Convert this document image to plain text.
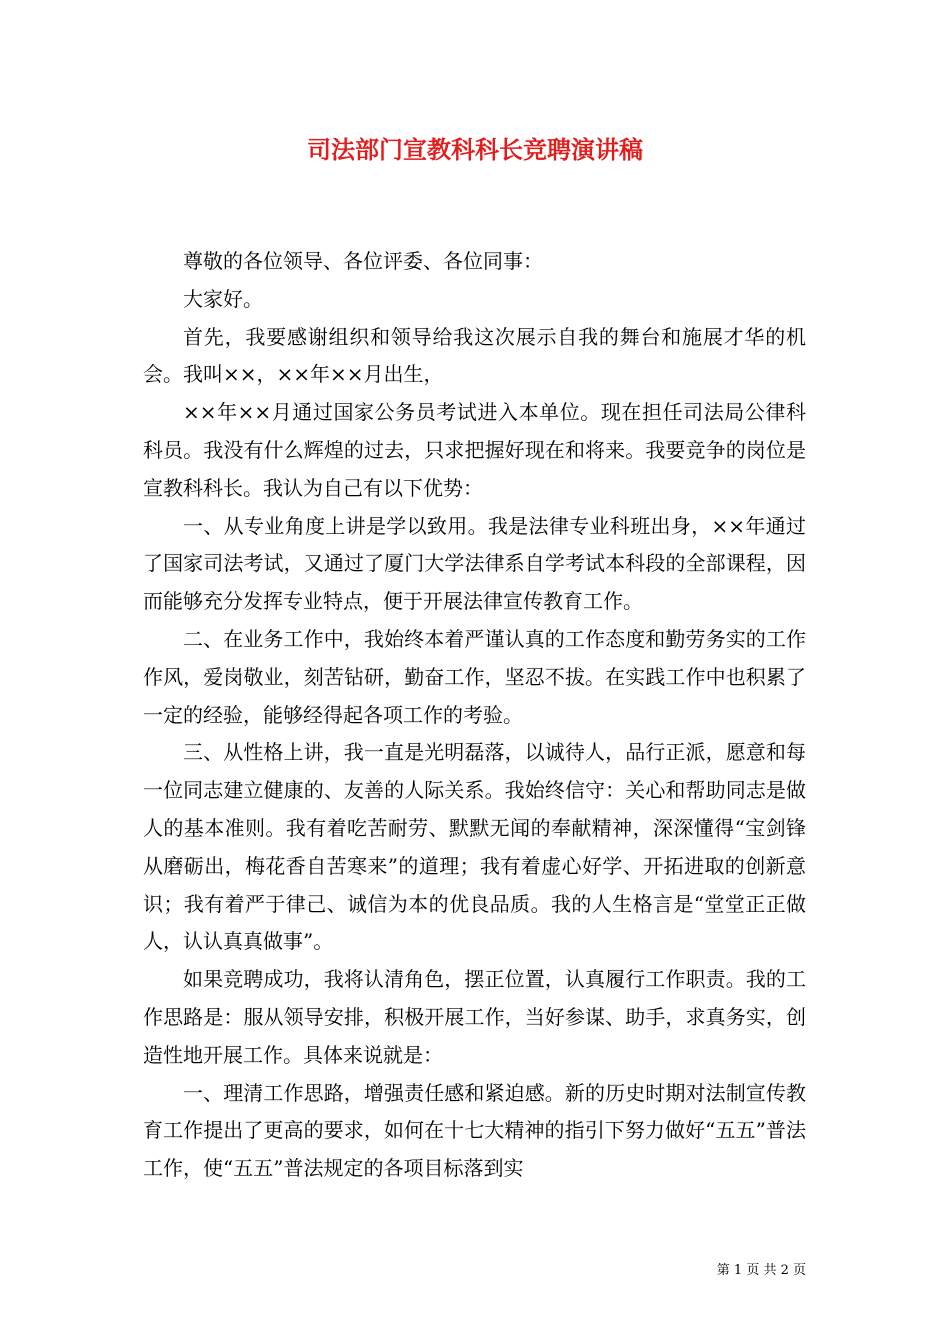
司法部门宣教科科长竞聘演讲稿

尊敬的各位领导、各位评委、各位同事：

大家好。

首先，我要感谢组织和领导给我这次展示自我的舞台和施展才华的机会。我叫××，××年××月出生，

××年××月通过国家公务员考试进入本单位。现在担任司法局公律科科员。我没有什么辉煌的过去，只求把握好现在和将来。我要竞争的岗位是宣教科科长。我认为自己有以下优势：

一、从专业角度上讲是学以致用。我是法律专业科班出身，××年通过了国家司法考试，又通过了厦门大学法律系自学考试本科段的全部课程，因而能够充分发挥专业特点，便于开展法律宣传教育工作。

二、在业务工作中，我始终本着严谨认真的工作态度和勤劳务实的工作作风，爱岗敬业，刻苦钻研，勤奋工作，坚忍不拔。在实践工作中也积累了一定的经验，能够经得起各项工作的考验。

三、从性格上讲，我一直是光明磊落，以诚待人，品行正派，愿意和每一位同志建立健康的、友善的人际关系。我始终信守：关心和帮助同志是做人的基本准则。我有着吃苦耐劳、默默无闻的奉献精神，深深懂得“宝剑锋从磨砺出，梅花香自苦寒来”的道理；我有着虚心好学、开拓进取的创新意识；我有着严于律己、诚信为本的优良品质。我的人生格言是“堂堂正正做人，认认真真做事”。

如果竞聘成功，我将认清角色，摆正位置，认真履行工作职责。我的工作思路是：服从领导安排，积极开展工作，当好参谋、助手，求真务实，创造性地开展工作。具体来说就是：

一、理清工作思路，增强责任感和紧迫感。新的历史时期对法制宣传教育工作提出了更高的要求，如何在十七大精神的指引下努力做好“五五”普法工作，使“五五”普法规定的各项目标落到实

第 1 页 共 2 页
